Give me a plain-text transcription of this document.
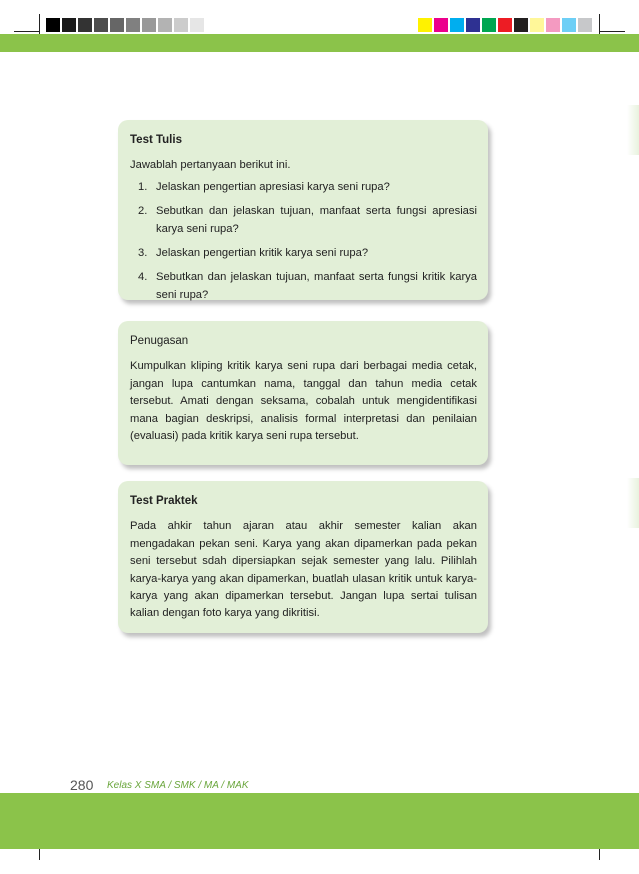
Test Tulis

Jawablah pertanyaan berikut ini.

1. Jelaskan pengertian apresiasi karya seni rupa?
2. Sebutkan dan jelaskan tujuan, manfaat serta fungsi apresiasi karya seni rupa?
3. Jelaskan pengertian kritik karya seni rupa?
4. Sebutkan dan jelaskan tujuan, manfaat serta fungsi kritik karya seni rupa?
Penugasan

Kumpulkan kliping kritik karya seni rupa dari berbagai media cetak, jangan lupa cantumkan nama, tanggal dan tahun media cetak tersebut. Amati dengan seksama, cobalah untuk mengidentifikasi mana bagian deskripsi, analisis formal interpretasi dan penilaian (evaluasi) pada kritik karya seni rupa tersebut.

Test Praktek

Pada ahkir tahun ajaran atau akhir semester kalian akan mengadakan pekan seni. Karya yang akan dipamerkan pada pekan seni tersebut sdah dipersiapkan sejak semester yang lalu. Pilihlah karya-karya yang akan dipamerkan, buatlah ulasan kritik untuk karya-karya yang akan dipamerkan tersebut. Jangan lupa sertai tulisan kalian dengan foto karya yang dikritisi.

280 Kelas X SMA / SMK / MA / MAK
